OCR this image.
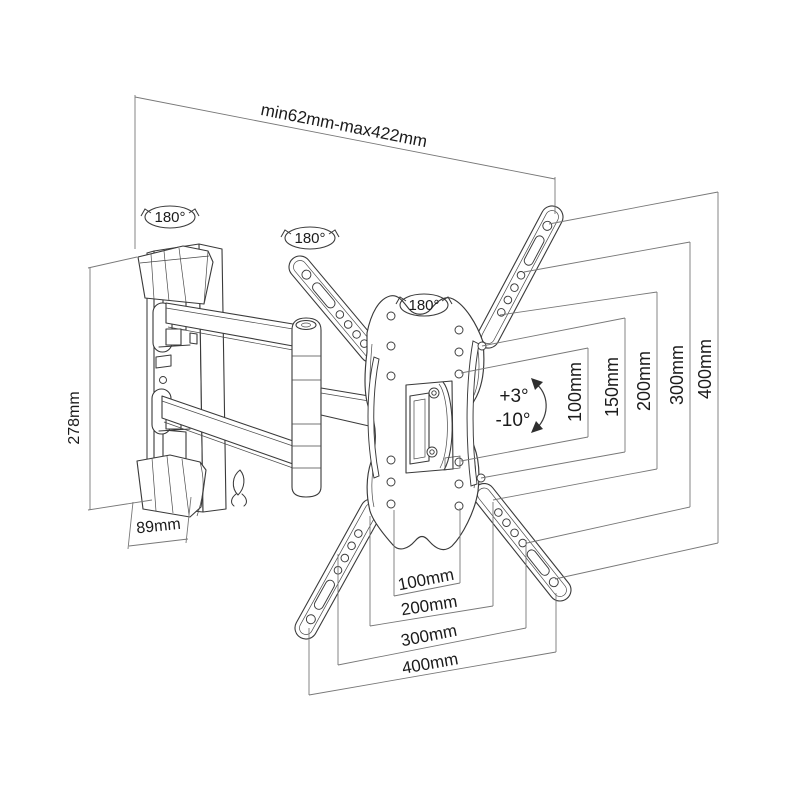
min62mm-max422mm
278mm
89mm
180°
180°
180°
+3°
-10° 100mm 150mm 200mm 300mm 400mm
100mm
200mm
300mm
400mm
